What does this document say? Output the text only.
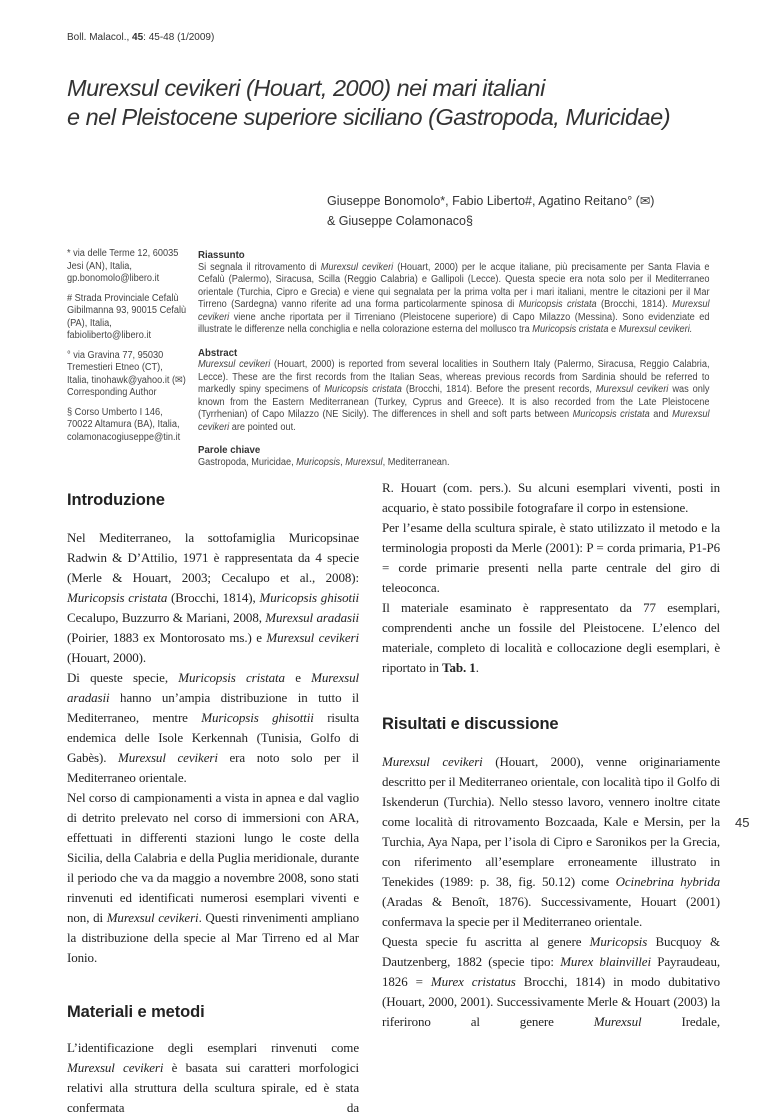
Boll. Malacol., 45: 45-48 (1/2009)
Murexsul cevikeri (Houart, 2000) nei mari italiani
e nel Pleistocene superiore siciliano (Gastropoda, Muricidae)
Giuseppe Bonomolo*, Fabio Liberto#, Agatino Reitano° (✉)
& Giuseppe Colamonaco§
* via delle Terme 12, 60035 Jesi (AN), Italia, gp.bonomolo@libero.it
# Strada Provinciale Cefalù Gibilmanna 93, 90015 Cefalù (PA), Italia, fabioliberto@libero.it
° via Gravina 77, 95030 Tremestieri Etneo (CT), Italia, tinohawk@yahoo.it (✉) Corresponding Author
§ Corso Umberto I 146, 70022 Altamura (BA), Italia, colamonacogiuseppe@tin.it
Riassunto

Si segnala il ritrovamento di Murexsul cevikeri (Houart, 2000) per le acque italiane, più precisamente per Santa Flavia e Cefalù (Palermo), Siracusa, Scilla (Reggio Calabria) e Gallipoli (Lecce). Questa specie era nota solo per il Mediterraneo orientale (Turchia, Cipro e Grecia) e viene qui segnalata per la prima volta per i mari italiani, mentre le citazioni per il Mar Tirreno (Sardegna) vanno riferite ad una forma particolarmente spinosa di Muricopsis cristata (Brocchi, 1814). Murexsul cevikeri viene anche riportata per il Tirreniano (Pleistocene superiore) di Capo Milazzo (Messina). Sono evidenziate ed illustrate le differenze nella conchiglia e nella colorazione esterna del mollusco tra Muricopsis cristata e Murexsul cevikeri.

Abstract

Murexsul cevikeri (Houart, 2000) is reported from several localities in Southern Italy (Palermo, Siracusa, Reggio Calabria, Lecce). These are the first records from the Italian Seas, whereas previous records from Sardinia should be referred to markedly spiny specimens of Muricopsis cristata (Brocchi, 1814). Before the present records, Murexsul cevikeri was only known from the Eastern Mediterranean (Turkey, Cyprus and Greece). It is also recorded from the Late Pleistocene (Tyrrhenian) of Capo Milazzo (NE Sicily). The differences in shell and soft parts between Muricopsis cristata and Murexsul cevikeri are pointed out.

Parole chiave

Gastropoda, Muricidae, Muricopsis, Murexsul, Mediterranean.

Introduzione

Nel Mediterraneo, la sottofamiglia Muricopsinae Radwin & D’Attilio, 1971 è rappresentata da 4 specie (Merle & Houart, 2003; Cecalupo et al., 2008): Muricopsis cristata (Brocchi, 1814), Muricopsis ghisotii Cecalupo, Buzzurro & Mariani, 2008, Murexsul aradasii (Poirier, 1883 ex Montorosato ms.) e Murexsul cevikeri (Houart, 2000).

Di queste specie, Muricopsis cristata e Murexsul aradasii hanno un’ampia distribuzione in tutto il Mediterraneo, mentre Muricopsis ghisottii risulta endemica delle Isole Kerkennah (Tunisia, Golfo di Gabès). Murexsul cevikeri era noto solo per il Mediterraneo orientale.

Nel corso di campionamenti a vista in apnea e dal vaglio di detrito prelevato nel corso di immersioni con ARA, effettuati in differenti stazioni lungo le coste della Sicilia, della Calabria e della Puglia meridionale, durante il periodo che va da maggio a novembre 2008, sono stati rinvenuti ed identificati numerosi esemplari viventi e non, di Murexsul cevikeri. Questi rinvenimenti ampliano la distribuzione della specie al Mar Tirreno ed al Mar Ionio.

Materiali e metodi

L’identificazione degli esemplari rinvenuti come Murexsul cevikeri è basata sui caratteri morfologici relativi alla struttura della scultura spirale, ed è stata confermata da

R. Houart (com. pers.). Su alcuni esemplari viventi, posti in acquario, è stato possibile fotografare il corpo in estensione.

Per l’esame della scultura spirale, è stato utilizzato il metodo e la terminologia proposti da Merle (2001): P = corda primaria, P1-P6 = corde primarie presenti nella parte centrale del giro di teleoconca.

Il materiale esaminato è rappresentato da 77 esemplari, comprendenti anche un fossile del Pleistocene. L’elenco del materiale, completo di località e collocazione degli esemplari, è riportato in Tab. 1.

Risultati e discussione

Murexsul cevikeri (Houart, 2000), venne originariamente descritto per il Mediterraneo orientale, con località tipo il Golfo di Iskenderun (Turchia). Nello stesso lavoro, vennero inoltre citate come località di ritrovamento Bozcaada, Kale e Mersin, per la Turchia, Aya Napa, per l’isola di Cipro e Saronikos per la Grecia, con riferimento all’esemplare erroneamente illustrato in Tenekides (1989: p. 38, fig. 50.12) come Ocinebrina hybrida (Aradas & Benoît, 1876). Successivamente, Houart (2001) confermava la specie per il Mediterraneo orientale.

Questa specie fu ascritta al genere Muricopsis Bucquoy & Dautzenberg, 1882 (specie tipo: Murex blainvillei Payraudeau, 1826 = Murex cristatus Brocchi, 1814) in modo dubitativo (Houart, 2000, 2001). Successivamente Merle & Houart (2003) la riferirono al genere Murexsul Iredale,

45
